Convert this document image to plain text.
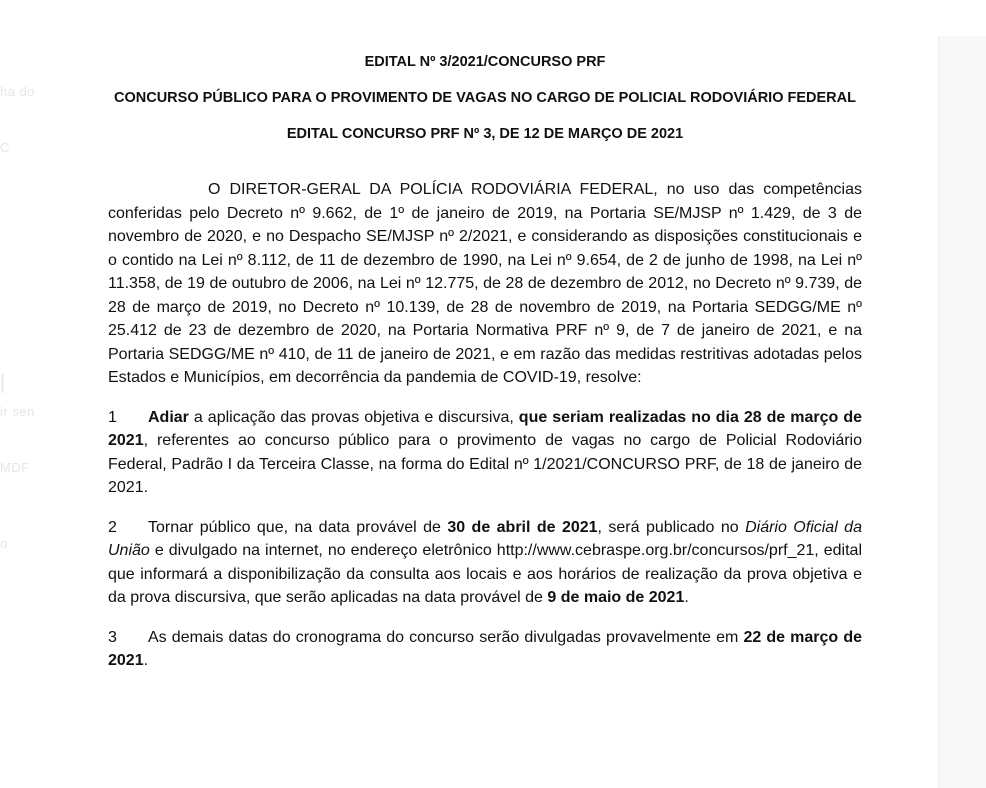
ha do
C
|
ir sen
MDF
o
EDITAL Nº 3/2021/CONCURSO PRF
CONCURSO PÚBLICO PARA O PROVIMENTO DE VAGAS NO CARGO DE POLICIAL RODOVIÁRIO FEDERAL
EDITAL CONCURSO PRF Nº 3, DE 12 DE MARÇO DE 2021

O DIRETOR-GERAL DA POLÍCIA RODOVIÁRIA FEDERAL, no uso das competências conferidas pelo Decreto nº 9.662, de 1º de janeiro de 2019, na Portaria SE/MJSP nº 1.429, de 3 de novembro de 2020, e no Despacho SE/MJSP nº 2/2021, e considerando as disposições constitucionais e o contido na Lei nº 8.112, de 11 de dezembro de 1990, na Lei nº 9.654, de 2 de junho de 1998, na Lei nº 11.358, de 19 de outubro de 2006, na Lei nº 12.775, de 28 de dezembro de 2012, no Decreto nº 9.739, de 28 de março de 2019, no Decreto nº 10.139, de 28 de novembro de 2019, na Portaria SEDGG/ME nº 25.412 de 23 de dezembro de 2020, na Portaria Normativa PRF nº 9, de 7 de janeiro de 2021, e na Portaria SEDGG/ME nº 410, de 11 de janeiro de 2021, e em razão das medidas restritivas adotadas pelos Estados e Municípios, em decorrência da pandemia de COVID-19, resolve:

1 Adiar a aplicação das provas objetiva e discursiva, que seriam realizadas no dia 28 de março de 2021, referentes ao concurso público para o provimento de vagas no cargo de Policial Rodoviário Federal, Padrão I da Terceira Classe, na forma do Edital nº 1/2021/CONCURSO PRF, de 18 de janeiro de 2021.

2 Tornar público que, na data provável de 30 de abril de 2021, será publicado no Diário Oficial da União e divulgado na internet, no endereço eletrônico http://www.cebraspe.org.br/concursos/prf_21, edital que informará a disponibilização da consulta aos locais e aos horários de realização da prova objetiva e da prova discursiva, que serão aplicadas na data provável de 9 de maio de 2021.

3 As demais datas do cronograma do concurso serão divulgadas provavelmente em 22 de março de 2021.
